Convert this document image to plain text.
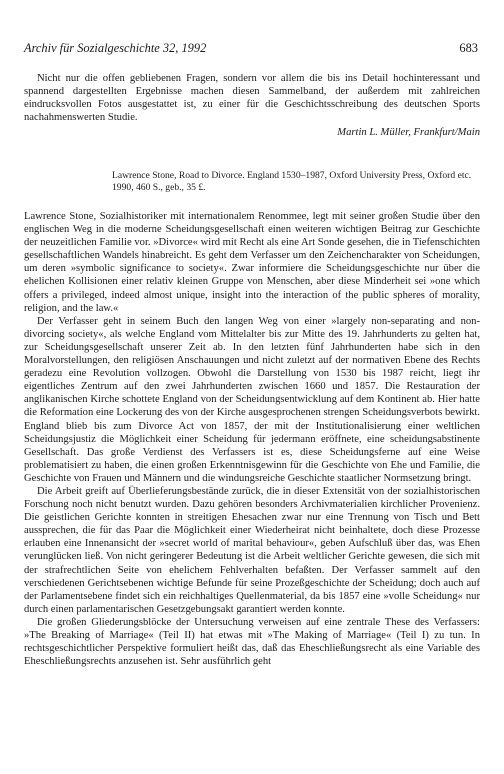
Archiv für Sozialgeschichte 32, 1992	683

Nicht nur die offen gebliebenen Fragen, sondern vor allem die bis ins Detail hochinteressant und spannend dargestellten Ergebnisse machen diesen Sammelband, der außerdem mit zahlreichen eindrucksvollen Fotos ausgestattet ist, zu einer für die Geschichtsschreibung des deutschen Sports nachahmenswerten Studie.

Martin L. Müller, Frankfurt/Main
Lawrence Stone, Road to Divorce. England 1530–1987, Oxford University Press, Oxford etc. 1990, 460 S., geb., 35 £.

Lawrence Stone, Sozialhistoriker mit internationalem Renommee, legt mit seiner großen Studie über den englischen Weg in die moderne Scheidungsgesellschaft einen weiteren wichtigen Beitrag zur Geschichte der neuzeitlichen Familie vor. »Divorce« wird mit Recht als eine Art Sonde gesehen, die in Tiefenschichten gesellschaftlichen Wandels hinabreicht. Es geht dem Verfasser um den Zeichencharakter von Scheidungen, um deren »symbolic significance to society«. Zwar informiere die Scheidungsgeschichte nur über die ehelichen Kollisionen einer relativ kleinen Gruppe von Menschen, aber diese Minderheit sei »one which offers a privileged, indeed almost unique, insight into the interaction of the public spheres of morality, religion, and the law.«

Der Verfasser geht in seinem Buch den langen Weg von einer »largely non-separating and non-divorcing society«, als welche England vom Mittelalter bis zur Mitte des 19. Jahrhunderts zu gelten hat, zur Scheidungsgesellschaft unserer Zeit ab. In den letzten fünf Jahrhunderten habe sich in den Moralvorstellungen, den religiösen Anschauungen und nicht zuletzt auf der normativen Ebene des Rechts geradezu eine Revolution vollzogen. Obwohl die Darstellung von 1530 bis 1987 reicht, liegt ihr eigentliches Zentrum auf den zwei Jahrhunderten zwischen 1660 und 1857. Die Restauration der anglikanischen Kirche schottete England von der Scheidungsentwicklung auf dem Kontinent ab. Hier hatte die Reformation eine Lockerung des von der Kirche ausgesprochenen strengen Scheidungsverbots bewirkt. England blieb bis zum Divorce Act von 1857, der mit der Institutionalisierung einer weltlichen Scheidungsjustiz die Möglichkeit einer Scheidung für jedermann eröffnete, eine scheidungsabstinente Gesellschaft. Das große Verdienst des Verfassers ist es, diese Scheidungsferne auf eine Weise problematisiert zu haben, die einen großen Erkenntnisgewinn für die Geschichte von Ehe und Familie, die Geschichte von Frauen und Männern und die windungsreiche Geschichte staatlicher Normsetzung bringt.

Die Arbeit greift auf Überlieferungsbestände zurück, die in dieser Extensität von der sozialhistorischen Forschung noch nicht benutzt wurden. Dazu gehören besonders Archivmaterialien kirchlicher Provenienz. Die geistlichen Gerichte konnten in streitigen Ehesachen zwar nur eine Trennung von Tisch und Bett aussprechen, die für das Paar die Möglichkeit einer Wiederheirat nicht beinhaltete, doch diese Prozesse erlauben eine Innenansicht der »secret world of marital behaviour«, geben Aufschluß über das, was Ehen verunglücken ließ. Von nicht geringerer Bedeutung ist die Arbeit weltlicher Gerichte gewesen, die sich mit der strafrechtlichen Seite von ehelichem Fehlverhalten befaßten. Der Verfasser sammelt auf den verschiedenen Gerichtsebenen wichtige Befunde für seine Prozeßgeschichte der Scheidung; doch auch auf der Parlamentsebene findet sich ein reichhaltiges Quellenmaterial, da bis 1857 eine »volle Scheidung« nur durch einen parlamentarischen Gesetzgebungsakt garantiert werden konnte.

Die großen Gliederungsblöcke der Untersuchung verweisen auf eine zentrale These des Verfassers: »The Breaking of Marriage« (Teil II) hat etwas mit »The Making of Marriage« (Teil I) zu tun. In rechtsgeschichtlicher Perspektive formuliert heißt das, daß das Eheschließungsrecht als eine Variable des Eheschließungsrechts anzusehen ist. Sehr ausführlich geht
